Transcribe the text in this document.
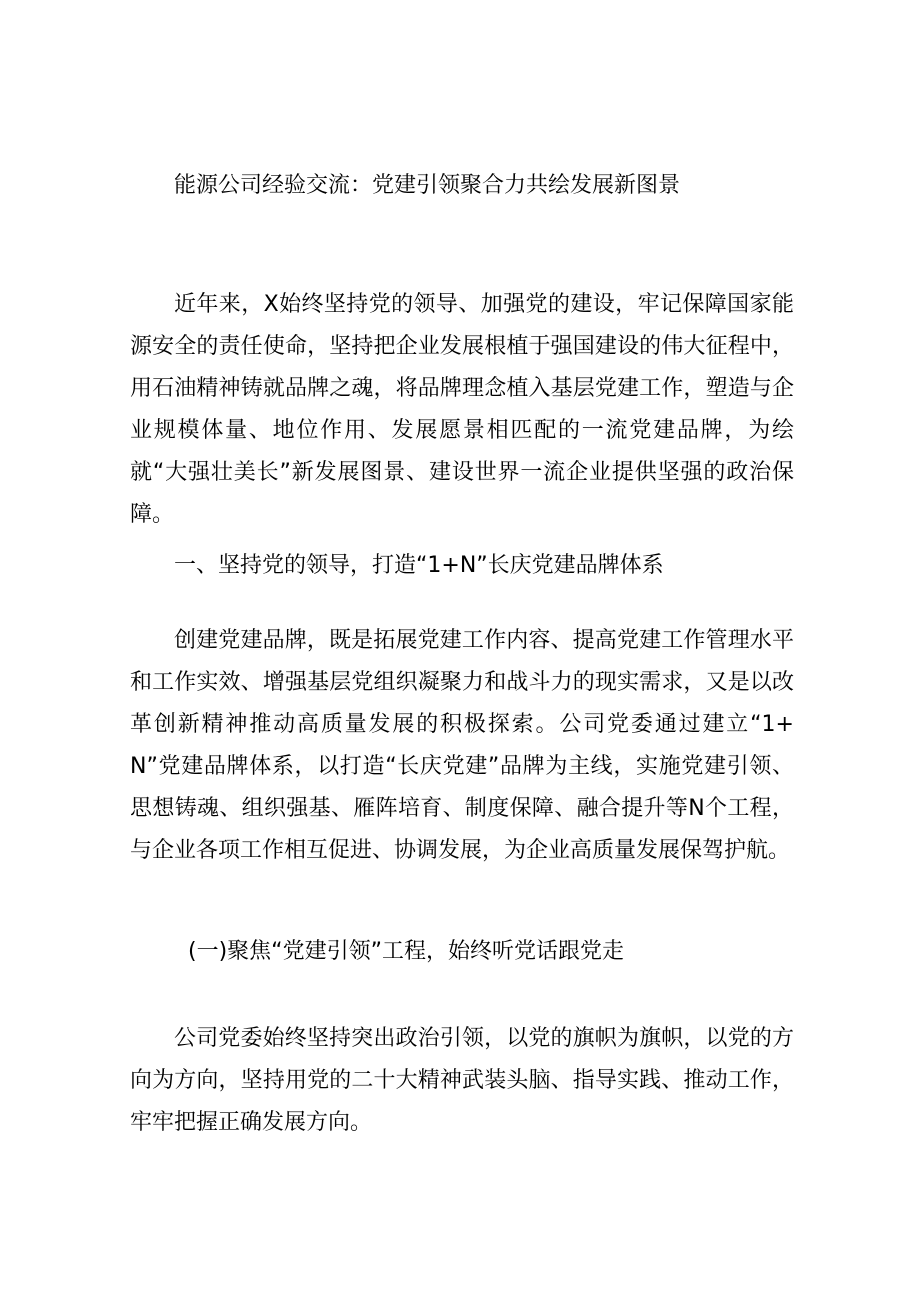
能源公司经验交流：党建引领聚合力共绘发展新图景

近年来，X始终坚持党的领导、加强党的建设，牢记保障国家能源安全的责任使命，坚持把企业发展根植于强国建设的伟大征程中，用石油精神铸就品牌之魂，将品牌理念植入基层党建工作，塑造与企业规模体量、地位作用、发展愿景相匹配的一流党建品牌，为绘就“大强壮美长”新发展图景、建设世界一流企业提供坚强的政治保障。

一、坚持党的领导，打造“1+N”长庆党建品牌体系

创建党建品牌，既是拓展党建工作内容、提高党建工作管理水平和工作实效、增强基层党组织凝聚力和战斗力的现实需求，又是以改革创新精神推动高质量发展的积极探索。公司党委通过建立“1+N”党建品牌体系，以打造“长庆党建”品牌为主线，实施党建引领、思想铸魂、组织强基、雁阵培育、制度保障、融合提升等N个工程，与企业各项工作相互促进、协调发展，为企业高质量发展保驾护航。

(一)聚焦“党建引领”工程，始终听党话跟党走

公司党委始终坚持突出政治引领，以党的旗帜为旗帜，以党的方向为方向，坚持用党的二十大精神武装头脑、指导实践、推动工作，牢牢把握正确发展方向。
